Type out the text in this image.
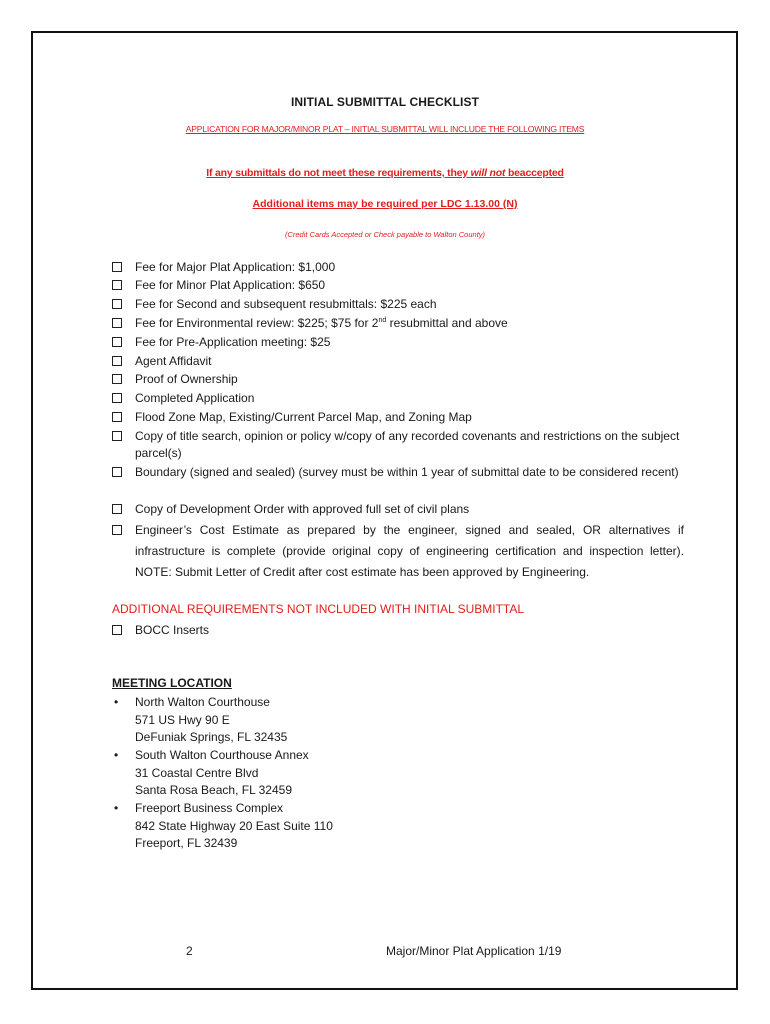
INITIAL SUBMITTAL CHECKLIST
APPLICATION FOR MAJOR/MINOR PLAT – INITIAL SUBMITTAL WILL INCLUDE THE FOLLOWING ITEMS
If any submittals do not meet these requirements, they will not beaccepted
Additional items may be required per LDC 1.13.00 (N)
(Credit Cards Accepted or Check payable to Walton County)
Fee for Major Plat Application: $1,000
Fee for Minor Plat Application: $650
Fee for Second and subsequent resubmittals: $225 each
Fee for Environmental review: $225; $75 for 2nd resubmittal and above
Fee for Pre-Application meeting: $25
Agent Affidavit
Proof of Ownership
Completed Application
Flood Zone Map, Existing/Current Parcel Map, and Zoning Map
Copy of title search, opinion or policy w/copy of any recorded covenants and restrictions on the subject parcel(s)
Boundary (signed and sealed) (survey must be within 1 year of submittal date to be considered recent)
Copy of Development Order with approved full set of civil plans
Engineer’s Cost Estimate as prepared by the engineer, signed and sealed, OR alternatives if infrastructure is complete (provide original copy of engineering certification and inspection letter). NOTE: Submit Letter of Credit after cost estimate has been approved by Engineering.
ADDITIONAL REQUIREMENTS NOT INCLUDED WITH INITIAL SUBMITTAL
BOCC Inserts
MEETING LOCATION
• North Walton Courthouse
571 US Hwy 90 E
DeFuniak Springs, FL 32435
• South Walton Courthouse Annex
31 Coastal Centre Blvd
Santa Rosa Beach, FL 32459
• Freeport Business Complex
842 State Highway 20 East Suite 110
Freeport, FL 32439
2	Major/Minor Plat Application 1/19
